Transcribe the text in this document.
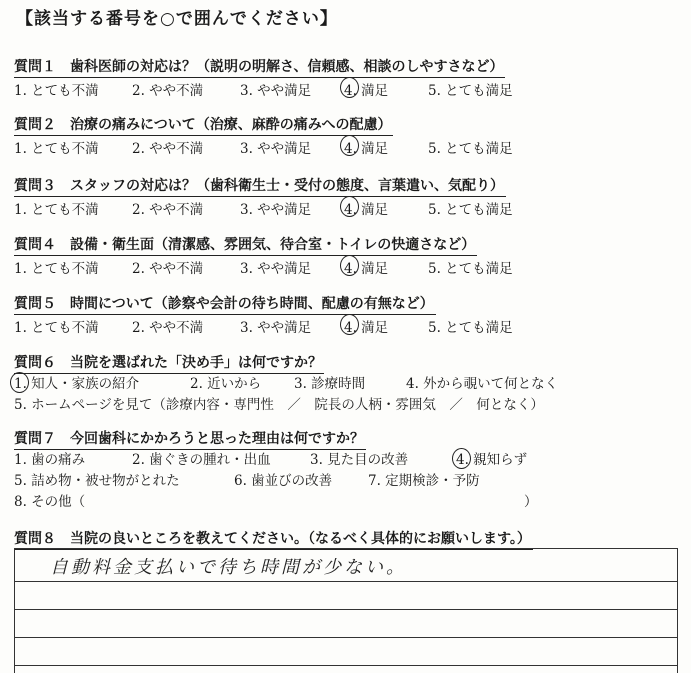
【該当する番号を○で囲んでください】
質問１　歯科医師の対応は？（説明の明解さ、信頼感、相談のしやすさなど）
1. とても不満 2. やや不満	3. やや満足 4. 満足	5. とても満足
質問２　治療の痛みについて（治療、麻酔の痛みへの配慮）
1. とても不満 2. やや不満	3. やや満足 4. 満足	5. とても満足
質問３　スタッフの対応は？（歯科衛生士・受付の態度、言葉遣い、気配り）
1. とても不満 2. やや不満	3. やや満足 4. 満足	5. とても満足
質問４　設備・衛生面（清潔感、雰囲気、待合室・トイレの快適さなど）
1. とても不満 2. やや不満	3. やや満足 4. 満足	5. とても満足
質問５　時間について（診察や会計の待ち時間、配慮の有無など）
1. とても不満 2. やや不満	3. やや満足 4. 満足	5. とても満足
質問６　当院を選ばれた「決め手」は何ですか？
1. 知人・家族の紹介	2. 近いから 3. 診療時間	4. 外から覗いて何となく
5. ホームページを見て（診療内容・専門性　／　院長の人柄・雰囲気　／　何となく）
質問７　今回歯科にかかろうと思った理由は何ですか？
1. 歯の痛み	2. 歯ぐきの腫れ・出血	3. 見た目の改善	4. 親知らず
5. 詰め物・被せ物がとれた	6. 歯並びの改善	7. 定期検診・予防
8. その他（	）
質問８　当院の良いところを教えてください。（なるべく具体的にお願いします。）
自動料金支払いで待ち時間が少ない。
